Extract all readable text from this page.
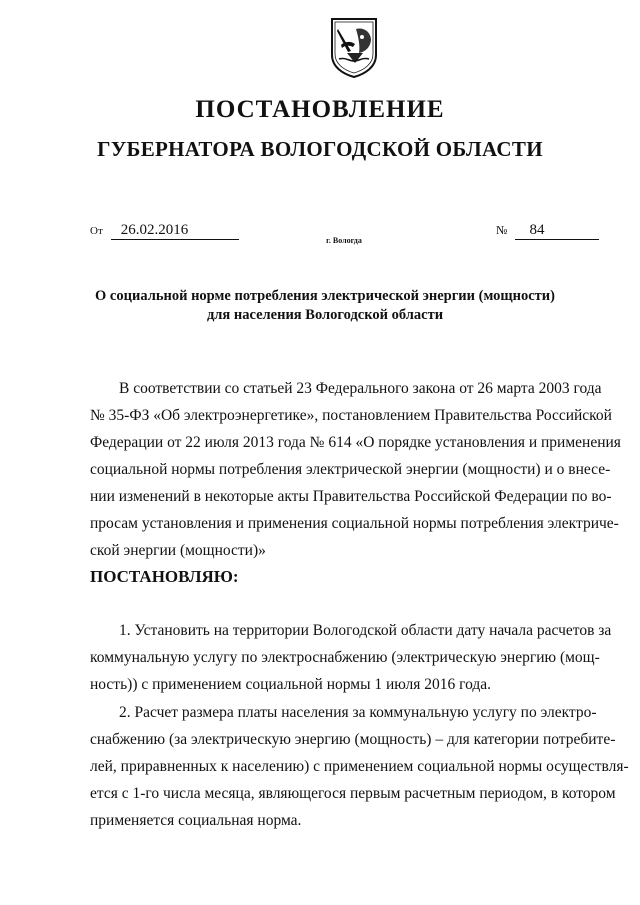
ПОСТАНОВЛЕНИЕ
ГУБЕРНАТОРА ВОЛОГОДСКОЙ ОБЛАСТИ
От 26.02.2016	№ 84
г. Вологда
О социальной норме потребления электрической энергии (мощности)
для населения Вологодской области
В соответствии со статьей 23 Федерального закона от 26 марта 2003 года
№ 35-ФЗ «Об электроэнергетике», постановлением Правительства Российской
Федерации от 22 июля 2013 года № 614 «О порядке установления и применения
социальной нормы потребления электрической энергии (мощности) и о внесе-
нии изменений в некоторые акты Правительства Российской Федерации по во-
просам установления и применения социальной нормы потребления электриче-
ской энергии (мощности)»
ПОСТАНОВЛЯЮ:
1. Установить на территории Вологодской области дату начала расчетов за
коммунальную услугу по электроснабжению (электрическую энергию (мощ-
ность)) с применением социальной нормы 1 июля 2016 года.
2. Расчет размера платы населения за коммунальную услугу по электро-
снабжению (за электрическую энергию (мощность) – для категории потребите-
лей, приравненных к населению) с применением социальной нормы осуществля-
ется с 1-го числа месяца, являющегося первым расчетным периодом, в котором
применяется социальная норма.
